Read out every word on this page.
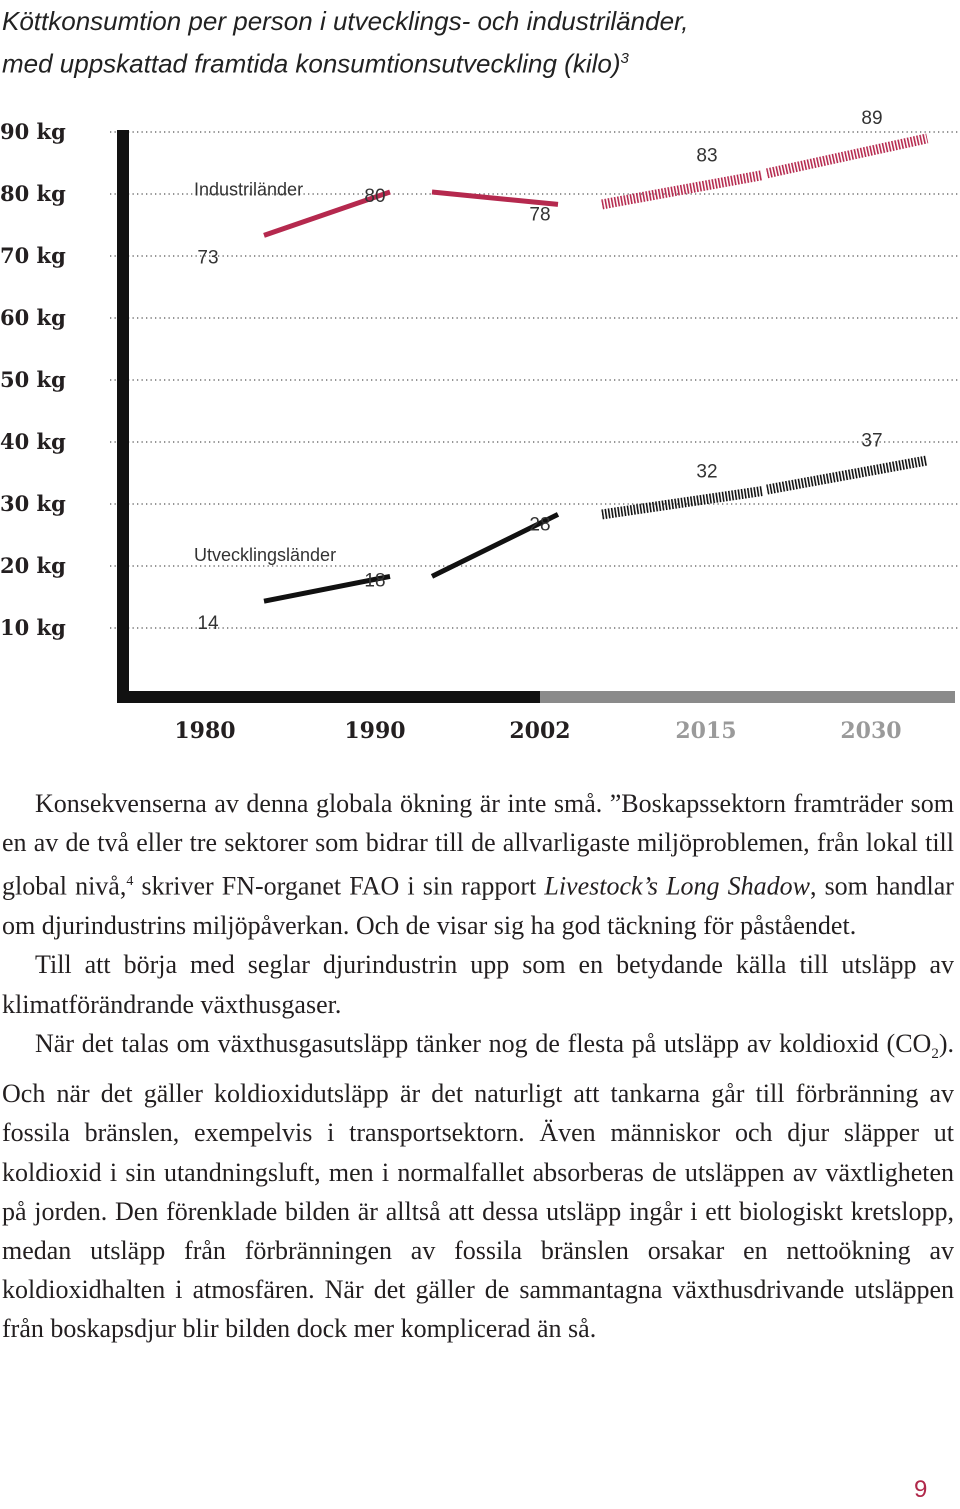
Köttkonsumtion per person i utvecklings- och industriländer,
med uppskattad framtida konsumtionsutveckling (kilo)$^3$
90 kg
80 kg
70 kg
60 kg
50 kg
40 kg
30 kg
20 kg
10 kg
73
80
78
83
89
Industriländer
14
18
28
32
37
Utvecklingsländer
1980	1990	2002	2015	2030

Konsekvenserna av denna globala ökning är inte små. ”Boskapssektorn framträder som en av de två eller tre sektorer som bidrar till de allvarligaste miljöproblemen, från lokal till global nivå,$^4$ skriver FN-organet FAO i sin rapport Livestock’s Long Shadow, som handlar om djurindustrins miljöpåverkan. Och de visar sig ha god täckning för påståendet.

Till att börja med seglar djurindustrin upp som en betydande källa till utsläpp av klimatförändrande växthusgaser.

När det talas om växthusgasutsläpp tänker nog de flesta på utsläpp av koldioxid $(CO_2)$. Och när det gäller koldioxidutsläpp är det naturligt att tankarna går till förbränning av fossila bränslen, exempelvis i transportsektorn. Även människor och djur släpper ut koldioxid i sin utandningsluft, men i normalfallet absorberas de utsläppen av växtligheten på jorden. Den förenklade bilden är alltså att dessa utsläpp ingår i ett biologiskt kretslopp, medan utsläpp från förbränningen av fossila bränslen orsakar en nettoökning av koldioxidhalten i atmosfären. När det gäller de sammantagna växthusdrivande utsläppen från boskapsdjur blir bilden dock mer komplicerad än så.

9
